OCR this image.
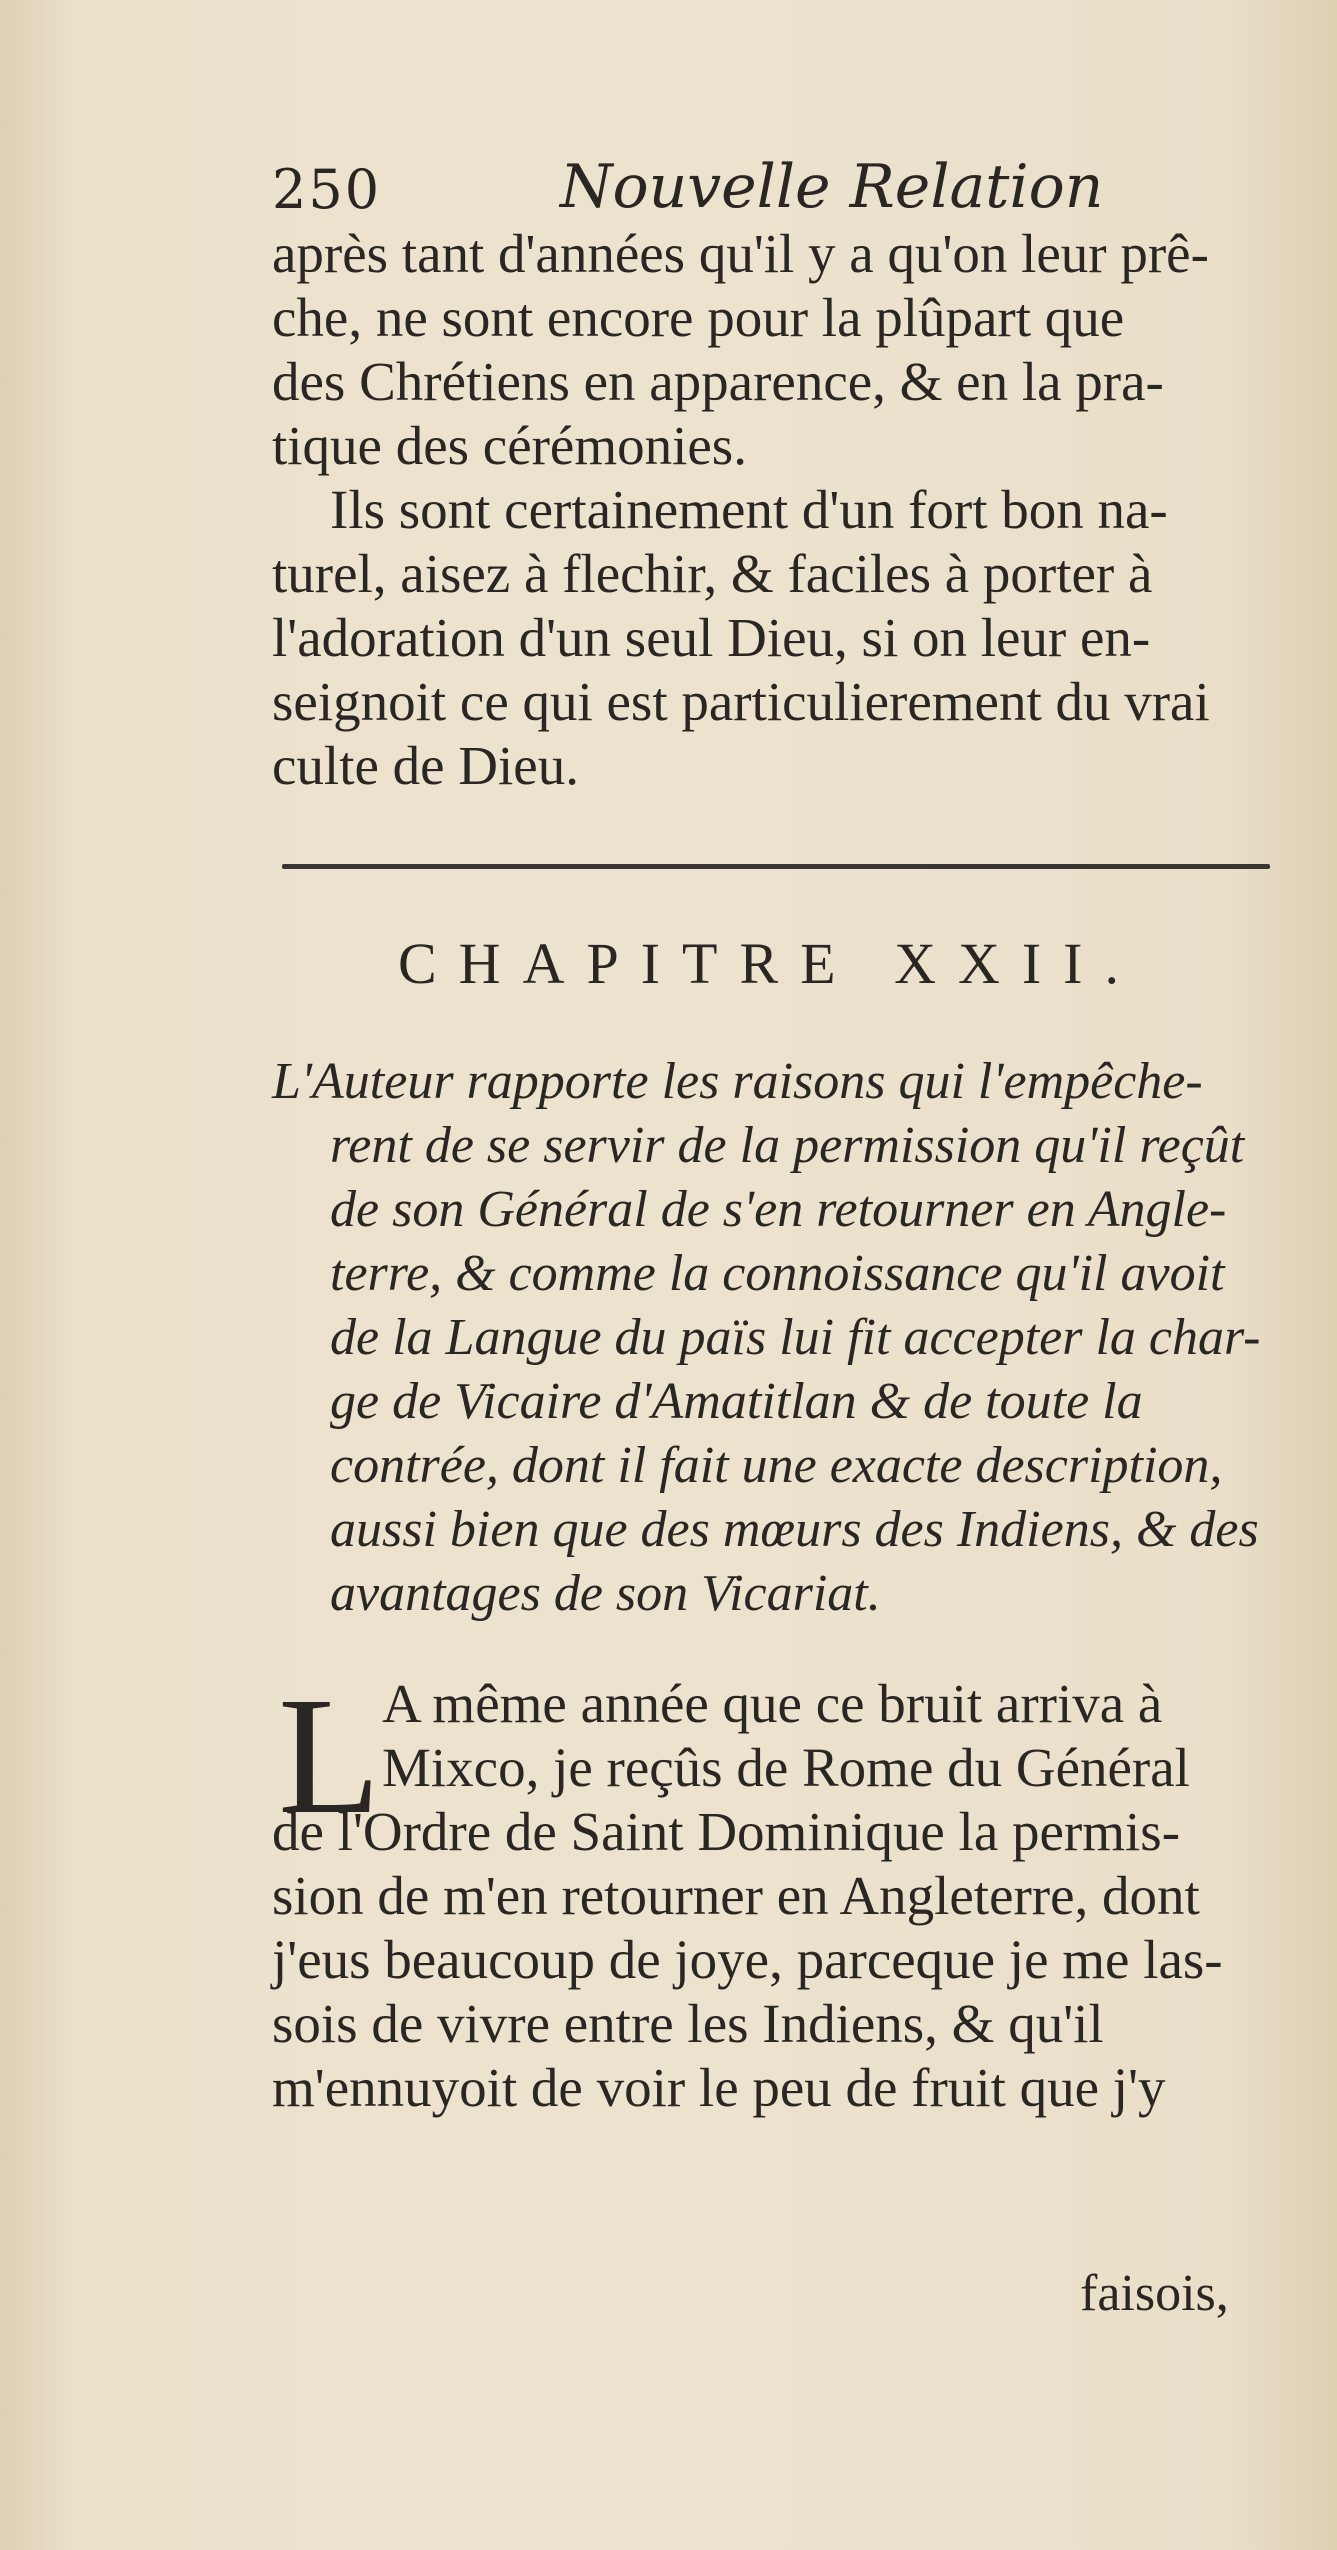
250	Nouvelle Relation
après tant d'années qu'il y a qu'on leur prê-
che, ne sont encore pour la plûpart que
des Chrétiens en apparence, & en la pra-
tique des cérémonies.
Ils sont certainement d'un fort bon na-
turel, aisez à flechir, & faciles à porter à
l'adoration d'un seul Dieu, si on leur en-
seignoit ce qui est particulierement du vrai
culte de Dieu.
CHAPITRE XXII.
L'Auteur rapporte les raisons qui l'empêche-
rent de se servir de la permission qu'il reçût
de son Général de s'en retourner en Angle-
terre, & comme la connoissance qu'il avoit
de la Langue du païs lui fit accepter la char-
ge de Vicaire d'Amatitlan & de toute la
contrée, dont il fait une exacte description,
aussi bien que des mœurs des Indiens, & des
avantages de son Vicariat.
L A même année que ce bruit arriva à
Mixco, je reçûs de Rome du Général
de l'Ordre de Saint Dominique la permis-
sion de m'en retourner en Angleterre, dont
j'eus beaucoup de joye, parceque je me las-
sois de vivre entre les Indiens, & qu'il
m'ennuyoit de voir le peu de fruit que j'y
faisois,
